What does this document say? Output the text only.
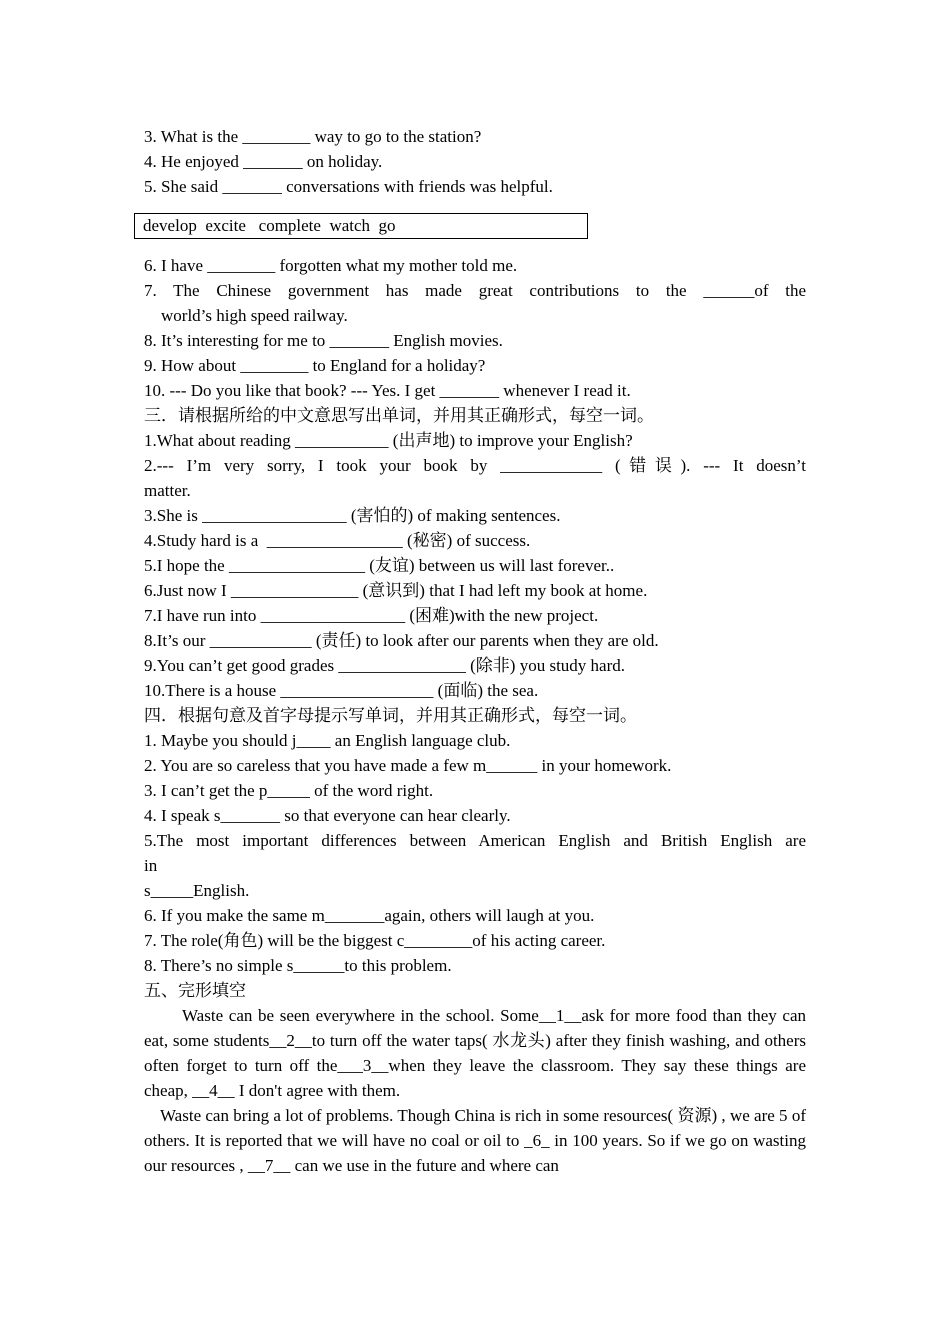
3. What is the ________ way to go to the station?
4. He enjoyed _______ on holiday.
5. She said _______ conversations with friends was helpful.
develop  excite   complete  watch  go
6. I have ________ forgotten what my mother told me.
7. The Chinese government has made great contributions to the ______of the
world’s high speed railway.
8. It’s interesting for me to _______ English movies.
9. How about ________ to England for a holiday?
10. --- Do you like that book? --- Yes. I get _______ whenever I read it.
三．请根据所给的中文意思写出单词，并用其正确形式，每空一词。
1.What about reading ___________ (出声地) to improve your English?
2.--- I’m very sorry, I took your book by ____________ (错误). --- It doesn’t
matter.
3.She is _________________ (害怕的) of making sentences.
4.Study hard is a  ________________ (秘密) of success.
5.I hope the ________________ (友谊) between us will last forever..
6.Just now I _______________ (意识到) that I had left my book at home.
7.I have run into _________________ (困难)with the new project.
8.It’s our ____________ (责任) to look after our parents when they are old.
9.You can’t get good grades _______________ (除非) you study hard.
10.There is a house __________________ (面临) the sea.
四．根据句意及首字母提示写单词，并用其正确形式，每空一词。
1. Maybe you should j____ an English language club.
2. You are so careless that you have made a few m______ in your homework.
3. I can’t get the p_____ of the word right.
4. I speak s_______ so that everyone can hear clearly.
5.The most important differences between American English and British English are
in
s_____English.
6. If you make the same m_______again, others will laugh at you.
7. The role(角色) will be the biggest c________of his acting career.
8. There’s no simple s______to this problem.
五、完形填空
Waste can be seen everywhere in the school. Some__1__ask for more food than they can eat, some students__2__to turn off the water taps( 水龙头) after they finish washing, and others often forget to turn off the___3__when they leave the classroom. They say these things are cheap, __4__ I don't agree with them.
Waste can bring a lot of problems. Though China is rich in some resources( 资源) , we are 5 of others. It is reported that we will have no coal or oil to _6_ in 100 years. So if we go on wasting our resources , __7__ can we use in the future and where can
